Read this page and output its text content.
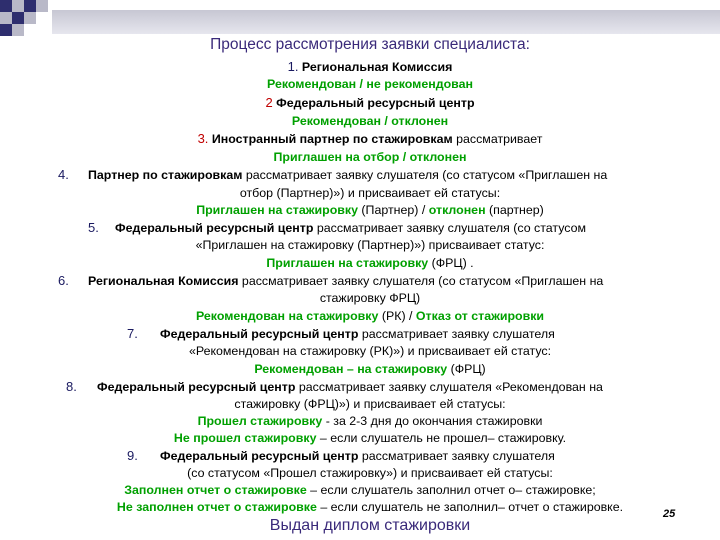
Процесс рассмотрения заявки специалиста:
1. Региональная Комиссия
Рекомендован / не рекомендован
2 Федеральный ресурсный центр
Рекомендован / отклонен
3. Иностранный партнер по стажировкам рассматривает
Приглашен на отбор / отклонен
4. Партнер по стажировкам рассматривает заявку слушателя (со статусом «Приглашен на
отбор (Партнер)») и присваивает ей статусы:
Приглашен на стажировку (Партнер) / отклонен (партнер)
5. Федеральный ресурсный центр рассматривает заявку слушателя (со статусом
«Приглашен на стажировку (Партнер)») присваивает статус:
Приглашен на стажировку (ФРЦ) .
6. Региональная Комиссия рассматривает заявку слушателя (со статусом «Приглашен на
стажировку ФРЦ)
Рекомендован на стажировку (РК) / Отказ от стажировки
7. Федеральный ресурсный центр рассматривает заявку слушателя
«Рекомендован на стажировку (РК)») и присваивает ей статус:
Рекомендован – на стажировку (ФРЦ)
8. Федеральный ресурсный центр рассматривает заявку слушателя «Рекомендован на
стажировку (ФРЦ)») и присваивает ей статусы:
Прошел стажировку - за 2-3 дня до окончания стажировки
Не прошел стажировку – если слушатель не прошел– стажировку.
9. Федеральный ресурсный центр рассматривает заявку слушателя
(со статусом «Прошел стажировку») и присваивает ей статусы:
Заполнен отчет о стажировке – если слушатель заполнил отчет о– стажировке;
Не заполнен отчет о стажировке – если слушатель не заполнил– отчет о стажировке.
Выдан диплом стажировки
25
